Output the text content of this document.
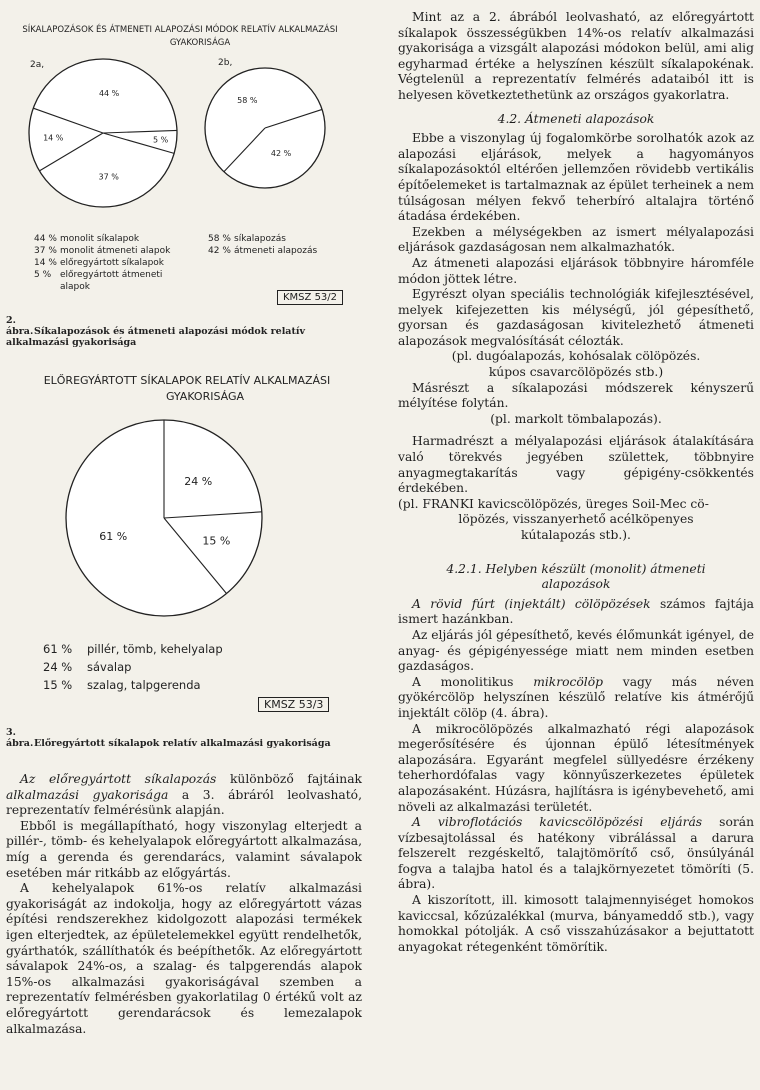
SÍKALAPOZÁSOK ÉS ÁTMENETI ALAPOZÁSI MÓDOK RELATÍV ALKALMAZÁSI
GYAKORISÁGA
2a,	2b,
5 %
37 %
14 %
44 %
42 %
58 %
44 % monolit síkalapok
37 % monolit átmeneti alapok
14 % előregyártott síkalapok
5 % előregyártott átmeneti
alapok
58 % síkalapozás
42 % átmeneti alapozás
KMSZ 53/2
2. ábra.Síkalapozások és átmeneti alapozási módok relatív alkalmazási gyakorisága
ELŐREGYÁRTOTT SÍKALAPOK RELATÍV ALKALMAZÁSI
GYAKORISÁGA
24 %
15 %
61 %
61 % pillér, tömb, kehelyalap
24 % sávalap
15 % szalag, talpgerenda
KMSZ 53/3
3. ábra.Előregyártott síkalapok relatív alkalmazási gyakorisága

Az előregyártott síkalapozás különböző fajtáinak alkalmazási gyakorisága a 3. ábráról leolvasható, reprezentatív felmérésünk alapján.

Ebből is megállapítható, hogy viszonylag elterjedt a pillér-, tömb- és kehelyalapok előregyártott alkalmazása, míg a gerenda és gerendarács, valamint sávalapok esetében már ritkább az előgyártás.

A kehelyalapok 61%-os relatív alkalmazási gyakoriságát az indokolja, hogy az előregyártott vázas építési rendszerekhez kidolgozott alapozási termékek igen elterjedtek, az épületelemekkel együtt rendelhetők, gyárthatók, szállíthatók és beépíthetők. Az előregyártott sávalapok 24%-os, a szalag- és talpgerendás alapok 15%-os alkalmazási gyakoriságával szemben a reprezentatív felmérésben gyakorlatilag 0 értékű volt az előregyártott gerendarácsok és lemezalapok alkalmazása.

Mint az a 2. ábrából leolvasható, az előregyártott síkalapok összességükben 14%-os relatív alkalmazási gyakorisága a vizsgált alapozási módokon belül, ami alig egyharmad értéke a helyszínen készült síkalapokénak. Végtelenül a reprezentatív felmérés adataiból itt is helyesen következtethetünk az országos gyakorlatra.

4.2. Átmeneti alapozások

Ebbe a viszonylag új fogalomkörbe sorolhatók azok az alapozási eljárások, melyek a hagyományos síkalapozásoktól eltérően jellemzően rövidebb vertikális építőelemeket is tartalmaznak az épület terheinek a nem túlságosan mélyen fekvő teherbíró altalajra történő átadása érdekében.

Ezekben a mélységekben az ismert mélyalapozási eljárások gazdaságosan nem alkalmazhatók.

Az átmeneti alapozási eljárások többnyire háromféle módon jöttek létre.

Egyrészt olyan speciális technológiák kifejlesztésével, melyek kifejezetten kis mélységű, jól gépesíthető, gyorsan és gazdaságosan kivitelezhető átmeneti alapozások megvalósítását célozták.

(pl. dugóalapozás, kohósalak cölöpözés.

kúpos csavarcölöpözés stb.)

Másrészt a síkalapozási módszerek kényszerű mélyítése folytán.

(pl. markolt tömbalapozás).

Harmadrészt a mélyalapozási eljárások átalakítására való törekvés jegyében születtek, többnyire anyagmegtakarítás vagy gépigény-csökkentés érdekében.

(pl. FRANKI kavicscölöpözés, üreges Soil-Mec cö-

löpözés, visszanyerhető acélköpenyes

kútalapozás stb.).

4.2.1. Helyben készült (monolit) átmeneti
alapozások

A rövid fúrt (injektált) cölöpözések számos fajtája ismert hazánkban.

Az eljárás jól gépesíthető, kevés élőmunkát igényel, de anyag- és gépigényessége miatt nem minden esetben gazdaságos.

A monolitikus mikrocölöp vagy más néven gyökércölöp helyszínen készülő relatíve kis átmérőjű injektált cölöp (4. ábra).

A mikrocölöpözés alkalmazható régi alapozások megerősítésére és újonnan épülő létesítmények alapozására. Egyaránt megfelel süllyedésre érzékeny teherhordófalas vagy könnyűszerkezetes épületek alapozásaként. Húzásra, hajlításra is igénybevehető, ami növeli az alkalmazási területét.

A vibroflotációs kavicscölöpözési eljárás során vízbesajtolással és hatékony vibrálással a darura felszerelt rezgéskeltő, talajtömörítő cső, önsúlyánál fogva a talajba hatol és a talajkörnyezetet tömöríti (5. ábra).

A kiszorított, ill. kimosott talajmennyiséget homokos kaviccsal, kőzúzalékkal (murva, bányameddő stb.), vagy homokkal pótolják. A cső visszahúzásakor a bejuttatott anyagokat rétegenként tömörítik.
